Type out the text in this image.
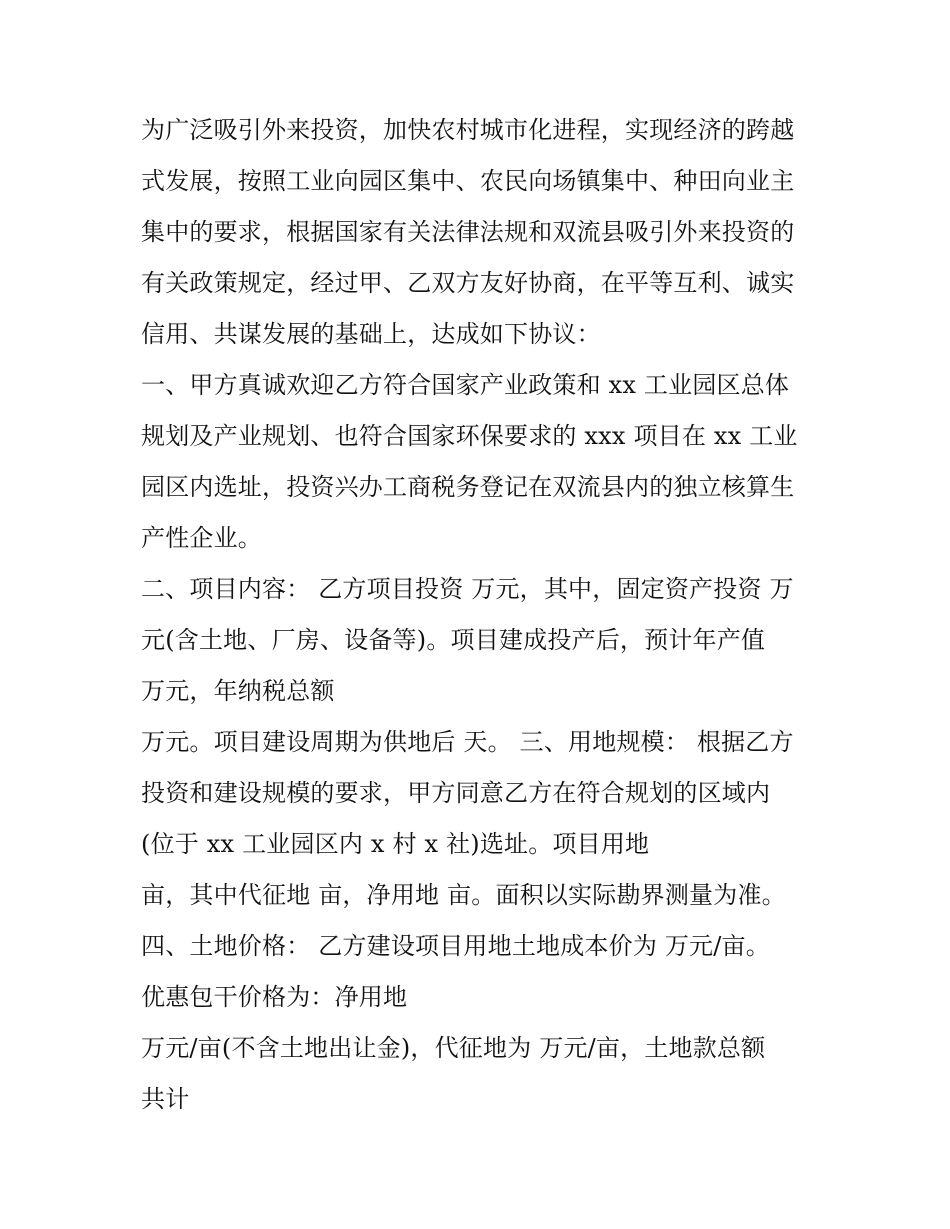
为广泛吸引外来投资，加快农村城市化进程，实现经济的跨越
式发展，按照工业向园区集中、农民向场镇集中、种田向业主
集中的要求，根据国家有关法律法规和双流县吸引外来投资的
有关政策规定，经过甲、乙双方友好协商，在平等互利、诚实
信用、共谋发展的基础上，达成如下协议：
一、甲方真诚欢迎乙方符合国家产业政策和 xx 工业园区总体
规划及产业规划、也符合国家环保要求的 xxx 项目在 xx 工业
园区内选址，投资兴办工商税务登记在双流县内的独立核算生
产性企业。
二、项目内容： 乙方项目投资 万元，其中，固定资产投资 万
元(含土地、厂房、设备等)。项目建成投产后，预计年产值
万元，年纳税总额
万元。项目建设周期为供地后 天。 三、用地规模： 根据乙方
投资和建设规模的要求，甲方同意乙方在符合规划的区域内
(位于 xx 工业园区内 x 村 x 社)选址。项目用地
亩，其中代征地 亩，净用地 亩。面积以实际勘界测量为准。
四、土地价格： 乙方建设项目用地土地成本价为 万元/亩。
优惠包干价格为：净用地
万元/亩(不含土地出让金)，代征地为 万元/亩，土地款总额
共计
